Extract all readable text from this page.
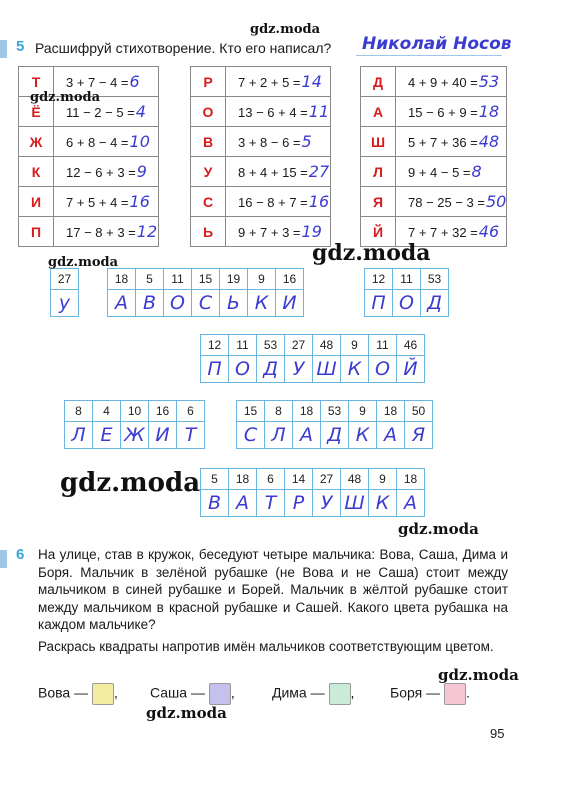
5 Расшифруй стихотворение. Кто его написал? Николай Носов
Т	3 + 7 − 4 =6
Ё	11 − 2 − 5 =4
Ж	6 + 8 − 4 =10
К	12 − 6 + 3 =9
И	7 + 5 + 4 =16
П	17 − 8 + 3 =12
Р	7 + 2 + 5 =14
О	13 − 6 + 4 =11
В	3 + 8 − 6 =5
У	8 + 4 + 15 =27
С	16 − 8 + 7 =16
Ь	9 + 7 + 3 =19
Д	4 + 9 + 40 =53
А	15 − 6 + 9 =18
Ш	5 + 7 + 36 =48
Л	9 + 4 − 5 =8
Я	78 − 25 − 3 =50
Й	7 + 7 + 32 =46
27
у
18	5	11	15	19	9	16
А	В	О	С	Ь	К	И
12	11	53
П	О	Д
12	11	53	27	48	9	11	46
П	О	Д	У	Ш	К	О	Й
8	4	10	16	6
Л	Е	Ж	И	Т
15	8	18	53	9	18	50
С	Л	А	Д	К	А	Я
5	18	6	14	27	48	9	18
В	А	Т	Р	У	Ш	К	А
6 На улице, став в кружок, беседуют четыре мальчика: Вова, Саша, Дима и Боря. Мальчик в зелёной рубашке (не Вова и не Саша) стоит между мальчиком в синей рубашке и Борей. Мальчик в жёлтой рубашке стоит между мальчиком в красной рубашке и Сашей. Какого цвета рубашка на каждом мальчике?
Раскрась квадраты напротив имён мальчиков соответствующим цветом.
Вова — , Саша — ,	Дима — ,	Боря — .
95
gdz.moda
gdz.moda
gdz.moda
gdz.moda
gdz.moda
gdz.moda
gdz.moda
gdz.moda
